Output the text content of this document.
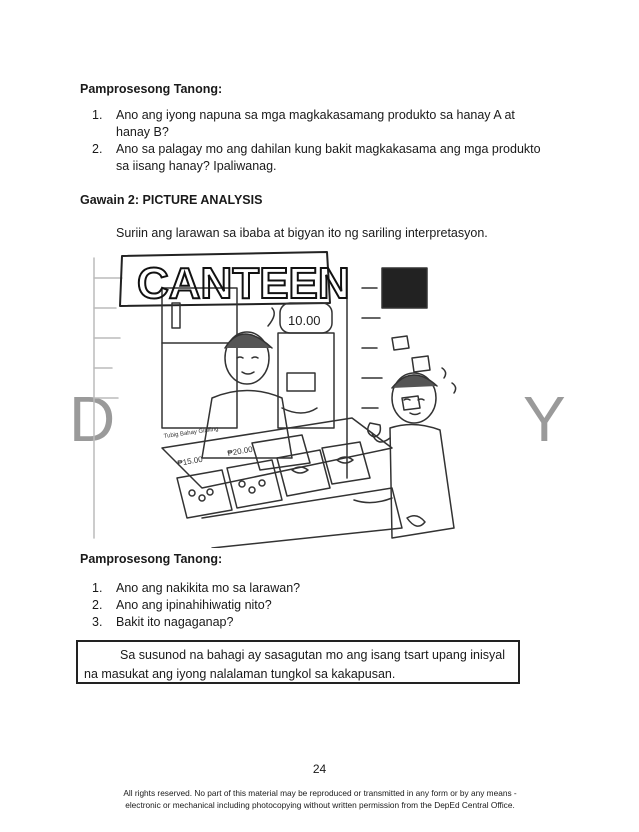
Pamprosesong Tanong:
1. Ano ang iyong napuna sa mga magkakasamang produkto sa hanay A at hanay B?
2. Ano sa palagay mo ang dahilan kung bakit magkakasama ang mga produkto sa iisang hanay? Ipaliwanag.
Gawain 2: PICTURE ANALYSIS
Suriin ang larawan sa ibaba at bigyan ito ng sariling interpretasyon.
D	Y
CANTEEN
10.00
Tubig Bahay Giniling
₱15.00
₱20.00
Pamprosesong Tanong:
1. Ano ang nakikita mo sa larawan?
2. Ano ang ipinahihiwatig nito?
3. Bakit ito nagaganap?
Sa susunod na bahagi ay sasagutan mo ang isang tsart upang inisyal na masukat ang iyong nalalaman tungkol sa kakapusan.
24
All rights reserved. No part of this material may be reproduced or transmitted in any form or by any means -
electronic or mechanical including photocopying without written permission from the DepEd Central Office.
